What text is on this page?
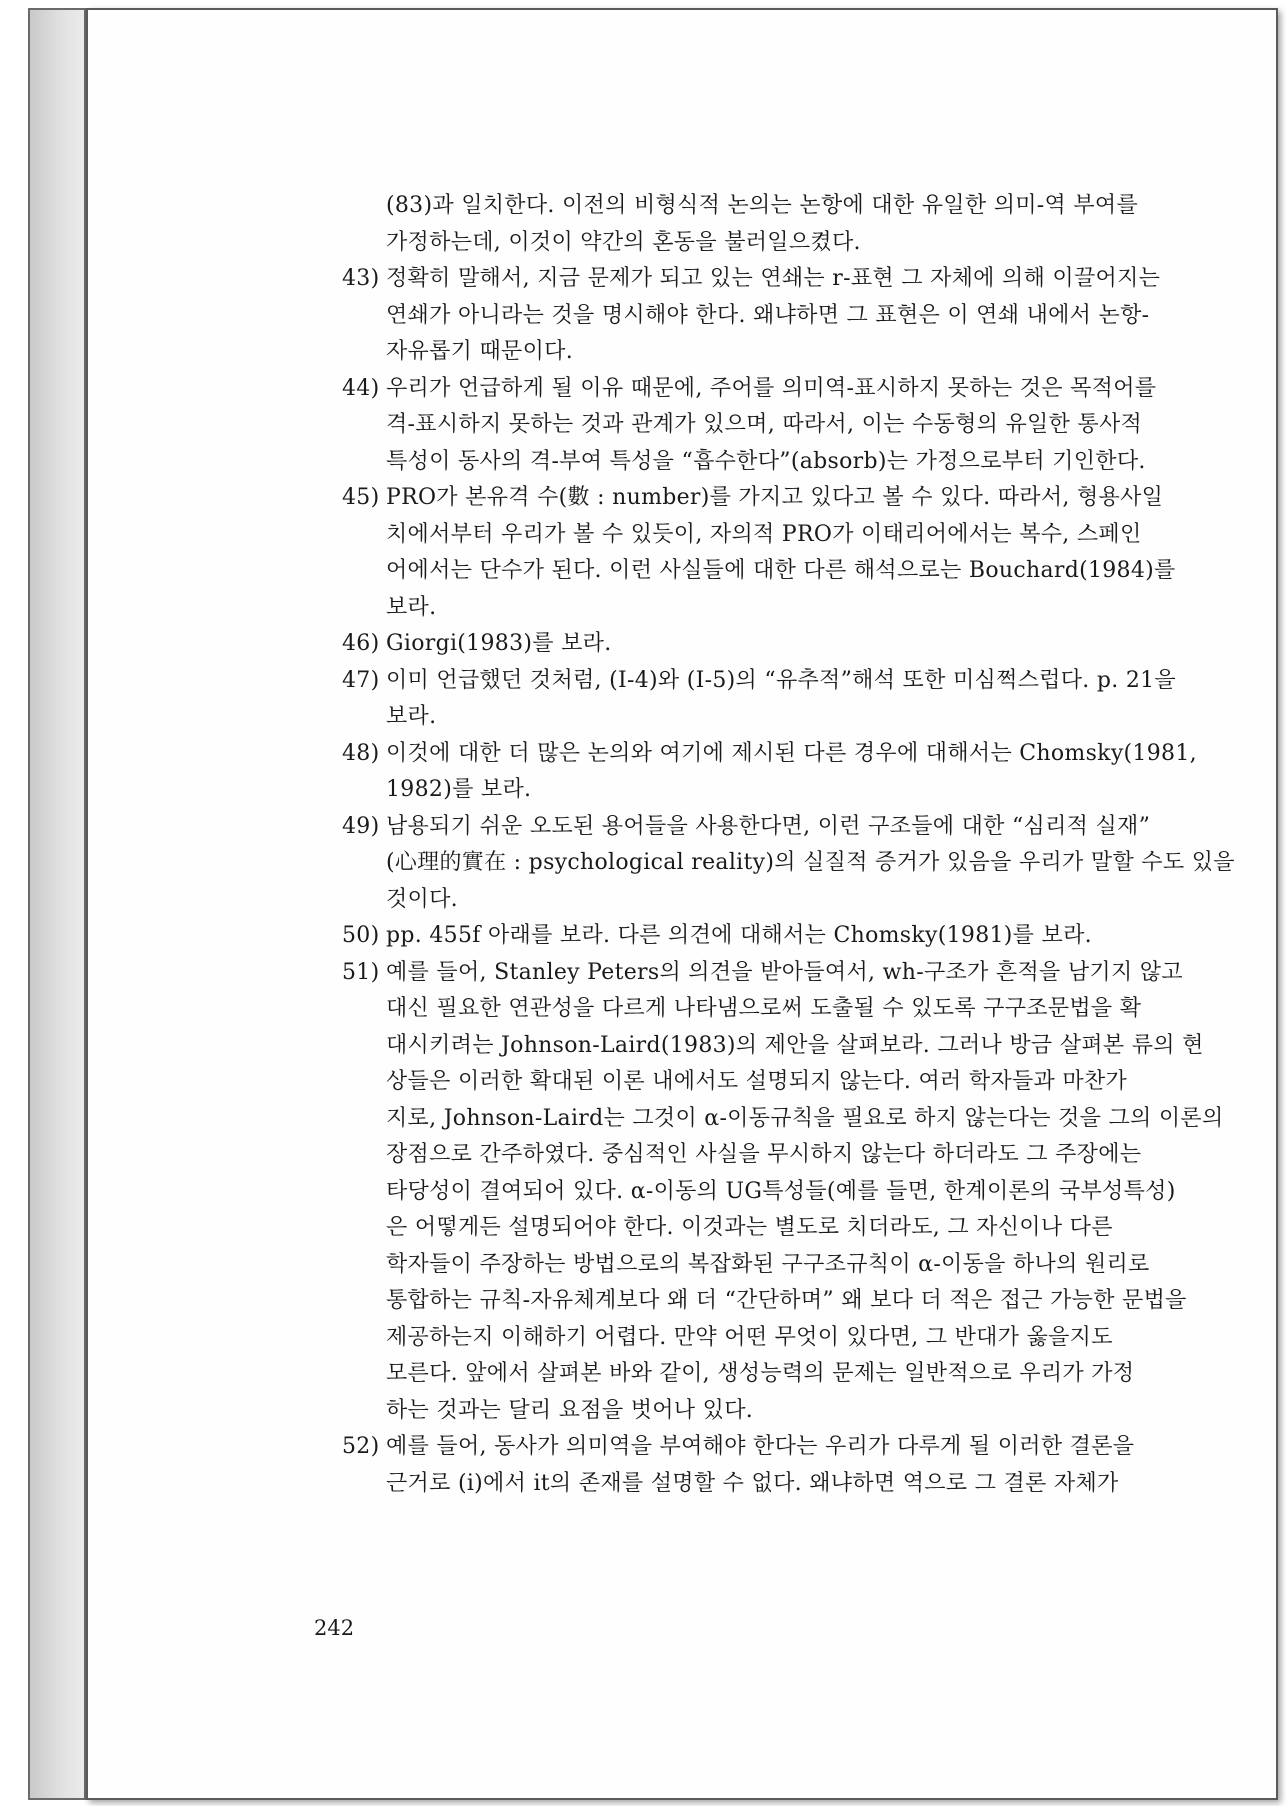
(83)과 일치한다. 이전의 비형식적 논의는 논항에 대한 유일한 의미-역 부여를
가정하는데, 이것이 약간의 혼동을 불러일으켰다.
43) 정확히 말해서, 지금 문제가 되고 있는 연쇄는 r-표현 그 자체에 의해 이끌어지는
연쇄가 아니라는 것을 명시해야 한다. 왜냐하면 그 표현은 이 연쇄 내에서 논항-
자유롭기 때문이다.
44) 우리가 언급하게 될 이유 때문에, 주어를 의미역-표시하지 못하는 것은 목적어를
격-표시하지 못하는 것과 관계가 있으며, 따라서, 이는 수동형의 유일한 통사적
특성이 동사의 격-부여 특성을 “흡수한다”(absorb)는 가정으로부터 기인한다.
45) PRO가 본유격 수(數 : number)를 가지고 있다고 볼 수 있다. 따라서, 형용사일
치에서부터 우리가 볼 수 있듯이, 자의적 PRO가 이태리어에서는 복수, 스페인
어에서는 단수가 된다. 이런 사실들에 대한 다른 해석으로는 Bouchard(1984)를
보라.
46) Giorgi(1983)를 보라.
47) 이미 언급했던 것처럼, (I-4)와 (I-5)의 “유추적”해석 또한 미심쩍스럽다. p. 21을
보라.
48) 이것에 대한 더 많은 논의와 여기에 제시된 다른 경우에 대해서는 Chomsky(1981,
1982)를 보라.
49) 남용되기 쉬운 오도된 용어들을 사용한다면, 이런 구조들에 대한 “심리적 실재”
(心理的實在 : psychological reality)의 실질적 증거가 있음을 우리가 말할 수도 있을
것이다.
50) pp. 455f 아래를 보라. 다른 의견에 대해서는 Chomsky(1981)를 보라.
51) 예를 들어, Stanley Peters의 의견을 받아들여서, wh-구조가 흔적을 남기지 않고
대신 필요한 연관성을 다르게 나타냄으로써 도출될 수 있도록 구구조문법을 확
대시키려는 Johnson-Laird(1983)의 제안을 살펴보라. 그러나 방금 살펴본 류의 현
상들은 이러한 확대된 이론 내에서도 설명되지 않는다. 여러 학자들과 마찬가
지로, Johnson-Laird는 그것이 α-이동규칙을 필요로 하지 않는다는 것을 그의 이론의
장점으로 간주하였다. 중심적인 사실을 무시하지 않는다 하더라도 그 주장에는
타당성이 결여되어 있다. α-이동의 UG특성들(예를 들면, 한계이론의 국부성특성)
은 어떻게든 설명되어야 한다. 이것과는 별도로 치더라도, 그 자신이나 다른
학자들이 주장하는 방법으로의 복잡화된 구구조규칙이 α-이동을 하나의 원리로
통합하는 규칙-자유체계보다 왜 더 “간단하며” 왜 보다 더 적은 접근 가능한 문법을
제공하는지 이해하기 어렵다. 만약 어떤 무엇이 있다면, 그 반대가 옳을지도
모른다. 앞에서 살펴본 바와 같이, 생성능력의 문제는 일반적으로 우리가 가정
하는 것과는 달리 요점을 벗어나 있다.
52) 예를 들어, 동사가 의미역을 부여해야 한다는 우리가 다루게 될 이러한 결론을
근거로 (i)에서 it의 존재를 설명할 수 없다. 왜냐하면 역으로 그 결론 자체가
242
